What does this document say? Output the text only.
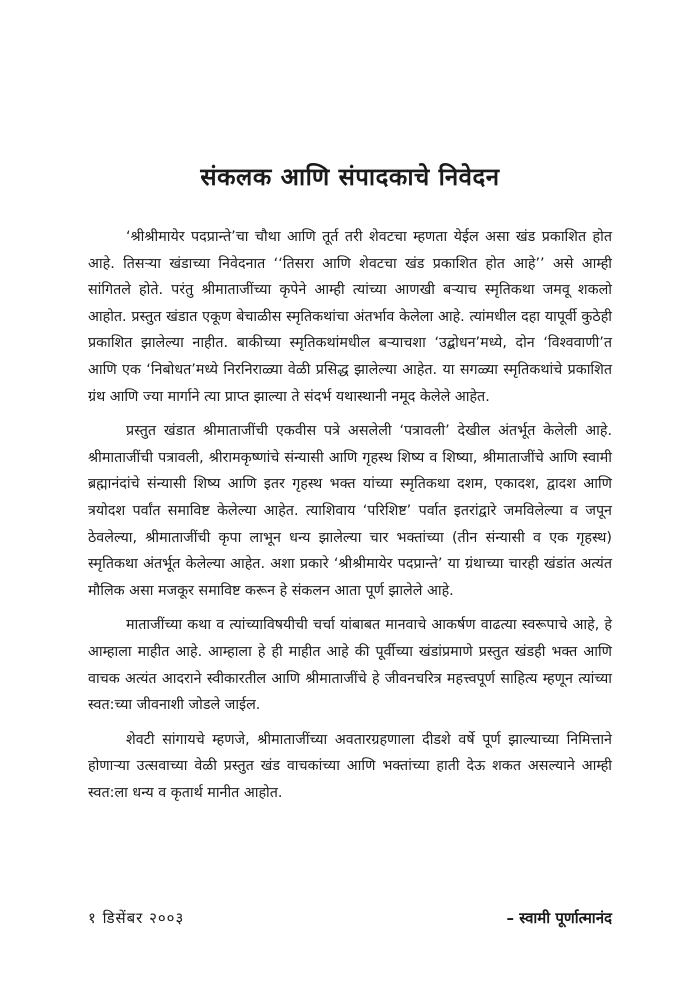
संकलक आणि संपादकाचे निवेदन

‘श्रीश्रीमायेर पदप्रान्ते’चा चौथा आणि तूर्त तरी शेवटचा म्हणता येईल असा खंड प्रकाशित होत आहे. तिसऱ्या खंडाच्या निवेदनात ‘‘तिसरा आणि शेवटचा खंड प्रकाशित होत आहे’’ असे आम्ही सांगितले होते. परंतु श्रीमाताजींच्या कृपेने आम्ही त्यांच्या आणखी बऱ्याच स्मृतिकथा जमवू शकलो आहोत. प्रस्तुत खंडात एकूण बेचाळीस स्मृतिकथांचा अंतर्भाव केलेला आहे. त्यांमधील दहा यापूर्वी कुठेही प्रकाशित झालेल्या नाहीत. बाकीच्या स्मृतिकथांमधील बऱ्याचशा ‘उद्बोधन’मध्ये, दोन ‘विश्ववाणी’त आणि एक ‘निबोधत’मध्ये निरनिराळ्या वेळी प्रसिद्ध झालेल्या आहेत. या सगळ्या स्मृतिकथांचे प्रकाशित ग्रंथ आणि ज्या मार्गाने त्या प्राप्त झाल्या ते संदर्भ यथास्थानी नमूद केलेले आहेत.

प्रस्तुत खंडात श्रीमाताजींची एकवीस पत्रे असलेली ‘पत्रावली’ देखील अंतर्भूत केलेली आहे. श्रीमाताजींची पत्रावली, श्रीरामकृष्णांचे संन्यासी आणि गृहस्थ शिष्य व शिष्या, श्रीमाताजींचे आणि स्वामी ब्रह्मानंदांचे संन्यासी शिष्य आणि इतर गृहस्थ भक्त यांच्या स्मृतिकथा दशम, एकादश, द्वादश आणि त्रयोदश पर्वांत समाविष्ट केलेल्या आहेत. त्याशिवाय ‘परिशिष्ट’ पर्वात इतरांद्वारे जमविलेल्या व जपून ठेवलेल्या, श्रीमाताजींची कृपा लाभून धन्य झालेल्या चार भक्तांच्या (तीन संन्यासी व एक गृहस्थ) स्मृतिकथा अंतर्भूत केलेल्या आहेत. अशा प्रकारे ‘श्रीश्रीमायेर पदप्रान्ते’ या ग्रंथाच्या चारही खंडांत अत्यंत मौलिक असा मजकूर समाविष्ट करून हे संकलन आता पूर्ण झालेले आहे.

माताजींच्या कथा व त्यांच्याविषयीची चर्चा यांबाबत मानवाचे आकर्षण वाढत्या स्वरूपाचे आहे, हे आम्हाला माहीत आहे. आम्हाला हे ही माहीत आहे की पूर्वीच्या खंडांप्रमाणे प्रस्तुत खंडही भक्त आणि वाचक अत्यंत आदराने स्वीकारतील आणि श्रीमाताजींचे हे जीवनचरित्र महत्त्वपूर्ण साहित्य म्हणून त्यांच्या स्वत:च्या जीवनाशी जोडले जाईल.

शेवटी सांगायचे म्हणजे, श्रीमाताजींच्या अवतारग्रहणाला दीडशे वर्षे पूर्ण झाल्याच्या निमित्ताने होणाऱ्या उत्सवाच्या वेळी प्रस्तुत खंड वाचकांच्या आणि भक्तांच्या हाती देऊ शकत असल्याने आम्ही स्वत:ला धन्य व कृतार्थ मानीत आहोत.

१ डिसेंबर २००३	– स्वामी पूर्णात्मानंद
